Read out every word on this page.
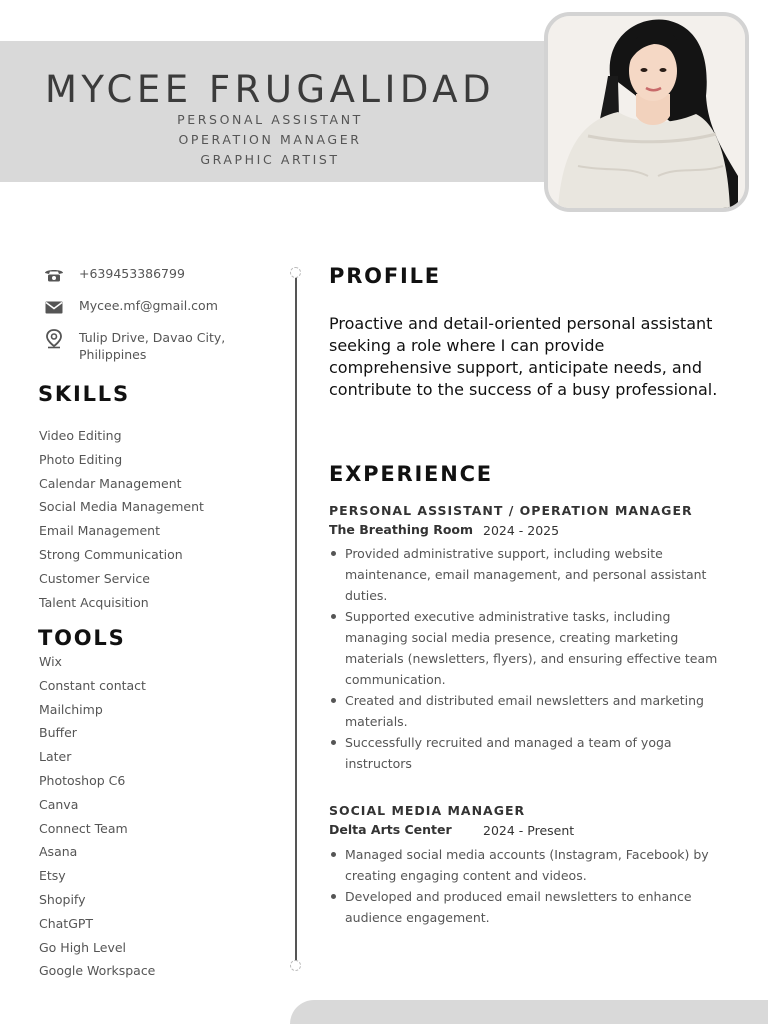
MYCEE FRUGALIDAD
PERSONAL ASSISTANT
OPERATION MANAGER
GRAPHIC ARTIST
+639453386799
Mycee.mf@gmail.com
Tulip Drive, Davao City,
Philippines
SKILLS
Video Editing
Photo Editing
Calendar Management
Social Media Management
Email Management
Strong Communication
Customer Service
Talent Acquisition
TOOLS
Wix
Constant contact
Mailchimp
Buffer
Later
Photoshop C6
Canva
Connect Team
Asana
Etsy
Shopify
ChatGPT
Go High Level
Google Workspace
PROFILE
Proactive and detail-oriented personal assistant seeking a role where I can provide comprehensive support, anticipate needs, and contribute to the success of a busy professional.
EXPERIENCE
PERSONAL ASSISTANT / OPERATION MANAGER
The Breathing Room 2024 - 2025
Provided administrative support, including website maintenance, email management, and personal assistant duties.
Supported executive administrative tasks, including managing social media presence, creating marketing materials (newsletters, flyers), and ensuring effective team communication.
Created and distributed email newsletters and marketing materials.
Successfully recruited and managed a team of yoga instructors
SOCIAL MEDIA MANAGER
Delta Arts Center	2024 - Present
Managed social media accounts (Instagram, Facebook) by creating engaging content and videos.
Developed and produced email newsletters to enhance audience engagement.
